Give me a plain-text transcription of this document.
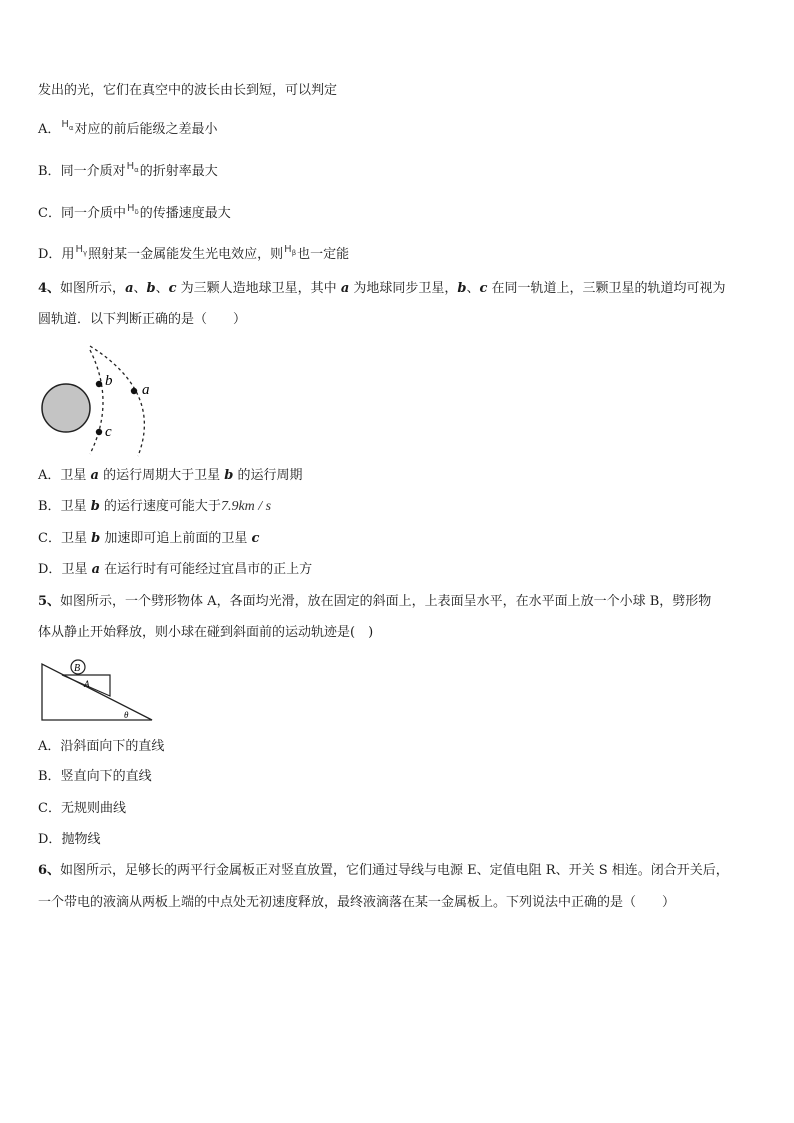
发出的光，它们在真空中的波长由长到短，可以判定
A．$^{H_\alpha}$对应的前后能级之差最小
B．同一介质对$^{H_\alpha}$的折射率最大
C．同一介质中$^{H_\delta}$的传播速度最大
D．用$^{H_\gamma}$照射某一金属能发生光电效应，则$^{H_\beta}$也一定能
4、如图所示，a、b、c 为三颗人造地球卫星，其中 a 为地球同步卫星，b、c 在同一轨道上，三颗卫星的轨道均可视为
圆轨道．以下判断正确的是（　　）
b
a
c
A．卫星 a 的运行周期大于卫星 b 的运行周期
B．卫星 b 的运行速度可能大于7.9km / s
C．卫星 b 加速即可追上前面的卫星 c
D．卫星 a 在运行时有可能经过宜昌市的正上方
5、如图所示，一个劈形物体 A，各面均光滑，放在固定的斜面上，上表面呈水平，在水平面上放一个小球 B，劈形物
体从静止开始释放，则小球在碰到斜面前的运动轨迹是(　)
B
A
θ
A．沿斜面向下的直线
B．竖直向下的直线
C．无规则曲线
D．抛物线
6、如图所示，足够长的两平行金属板正对竖直放置，它们通过导线与电源 E、定值电阻 R、开关 S 相连。闭合开关后，
一个带电的液滴从两板上端的中点处无初速度释放，最终液滴落在某一金属板上。下列说法中正确的是（　　）
